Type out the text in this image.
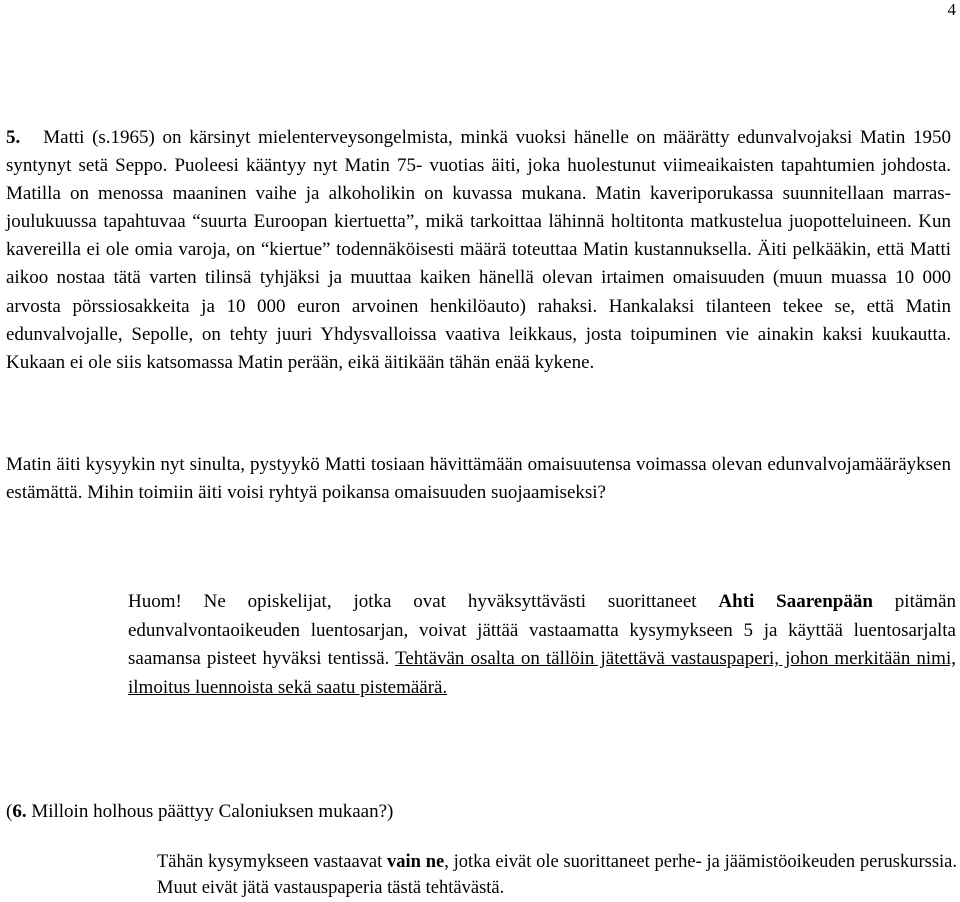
4
5. Matti (s.1965) on kärsinyt mielenterveysongelmista, minkä vuoksi hänelle on määrätty edunvalvojaksi Matin 1950 syntynyt setä Seppo. Puoleesi kääntyy nyt Matin 75- vuotias äiti, joka huolestunut viimeaikaisten tapahtumien johdosta. Matilla on menossa maaninen vaihe ja alkoholikin on kuvassa mukana. Matin kaveriporukassa suunnitellaan marras-joulukuussa tapahtuvaa “suurta Euroopan kiertuetta”, mikä tarkoittaa lähinnä holtitonta matkustelua juopotteluineen. Kun kavereilla ei ole omia varoja, on “kiertue” todennäköisesti määrä toteuttaa Matin kustannuksella. Äiti pelkääkin, että Matti aikoo nostaa tätä varten tilinsä tyhjäksi ja muuttaa kaiken hänellä olevan irtaimen omaisuuden (muun muassa 10 000 arvosta pörssiosakkeita ja 10 000 euron arvoinen henkilöauto) rahaksi. Hankalaksi tilanteen tekee se, että Matin edunvalvojalle, Sepolle, on tehty juuri Yhdysvalloissa vaativa leikkaus, josta toipuminen vie ainakin kaksi kuukautta. Kukaan ei ole siis katsomassa Matin perään, eikä äitikään tähän enää kykene.
Matin äiti kysyykin nyt sinulta, pystyykö Matti tosiaan hävittämään omaisuutensa voimassa olevan edunvalvojamääräyksen estämättä. Mihin toimiin äiti voisi ryhtyä poikansa omaisuuden suojaamiseksi?
Huom! Ne opiskelijat, jotka ovat hyväksyttävästi suorittaneet Ahti Saarenpään pitämän edunvalvontaoikeuden luentosarjan, voivat jättää vastaamatta kysymykseen 5 ja käyttää luentosarjalta saamansa pisteet hyväksi tentissä. Tehtävän osalta on tällöin jätettävä vastauspaperi, johon merkitään nimi, ilmoitus luennoista sekä saatu pistemäärä.
(6. Milloin holhous päättyy Caloniuksen mukaan?)
Tähän kysymykseen vastaavat vain ne, jotka eivät ole suorittaneet perhe- ja jäämistöoikeuden peruskurssia. Muut eivät jätä vastauspaperia tästä tehtävästä.
